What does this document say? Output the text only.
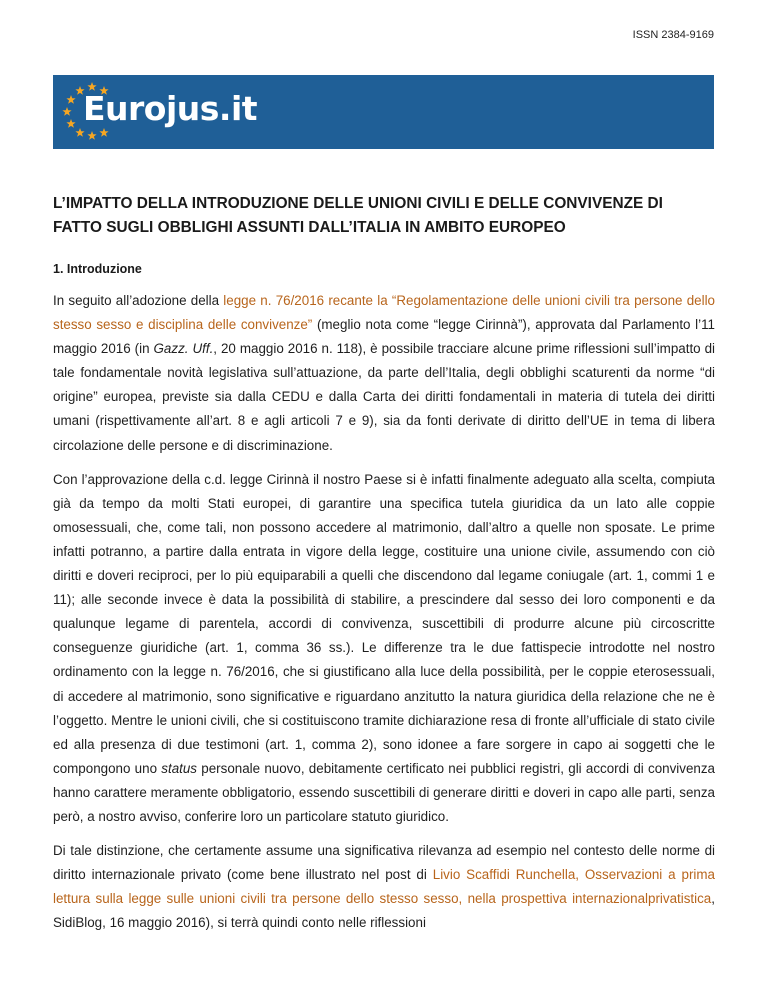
ISSN 2384-9169
Eurojus.it
L’IMPATTO DELLA INTRODUZIONE DELLE UNIONI CIVILI E DELLE CONVIVENZE DI FATTO SUGLI OBBLIGHI ASSUNTI DALL’ITALIA IN AMBITO EUROPEO
1. Introduzione

In seguito all’adozione della legge n. 76/2016 recante la “Regolamentazione delle unioni civili tra persone dello stesso sesso e disciplina delle convivenze” (meglio nota come “legge Cirinnà”), approvata dal Parlamento l’11 maggio 2016 (in Gazz. Uff., 20 maggio 2016 n. 118), è possibile tracciare alcune prime riflessioni sull’impatto di tale fondamentale novità legislativa sull’attuazione, da parte dell’Italia, degli obblighi scaturenti da norme “di origine” europea, previste sia dalla CEDU e dalla Carta dei diritti fondamentali in materia di tutela dei diritti umani (rispettivamente all’art. 8 e agli articoli 7 e 9), sia da fonti derivate di diritto dell’UE in tema di libera circolazione delle persone e di discriminazione.

Con l’approvazione della c.d. legge Cirinnà il nostro Paese si è infatti finalmente adeguato alla scelta, compiuta già da tempo da molti Stati europei, di garantire una specifica tutela giuridica da un lato alle coppie omosessuali, che, come tali, non possono accedere al matrimonio, dall’altro a quelle non sposate. Le prime infatti potranno, a partire dalla entrata in vigore della legge, costituire una unione civile, assumendo con ciò diritti e doveri reciproci, per lo più equiparabili a quelli che discendono dal legame coniugale (art. 1, commi 1 e 11); alle seconde invece è data la possibilità di stabilire, a prescindere dal sesso dei loro componenti e da qualunque legame di parentela, accordi di convivenza, suscettibili di produrre alcune più circoscritte conseguenze giuridiche (art. 1, comma 36 ss.). Le differenze tra le due fattispecie introdotte nel nostro ordinamento con la legge n. 76/2016, che si giustificano alla luce della possibilità, per le coppie eterosessuali, di accedere al matrimonio, sono significative e riguardano anzitutto la natura giuridica della relazione che ne è l’oggetto. Mentre le unioni civili, che si costituiscono tramite dichiarazione resa di fronte all’ufficiale di stato civile ed alla presenza di due testimoni (art. 1, comma 2), sono idonee a fare sorgere in capo ai soggetti che le compongono uno status personale nuovo, debitamente certificato nei pubblici registri, gli accordi di convivenza hanno carattere meramente obbligatorio, essendo suscettibili di generare diritti e doveri in capo alle parti, senza però, a nostro avviso, conferire loro un particolare statuto giuridico.

Di tale distinzione, che certamente assume una significativa rilevanza ad esempio nel contesto delle norme di diritto internazionale privato (come bene illustrato nel post di Livio Scaffidi Runchella, Osservazioni a prima lettura sulla legge sulle unioni civili tra persone dello stesso sesso, nella prospettiva internazionalprivatistica, SidiBlog, 16 maggio 2016), si terrà quindi conto nelle riflessioni
